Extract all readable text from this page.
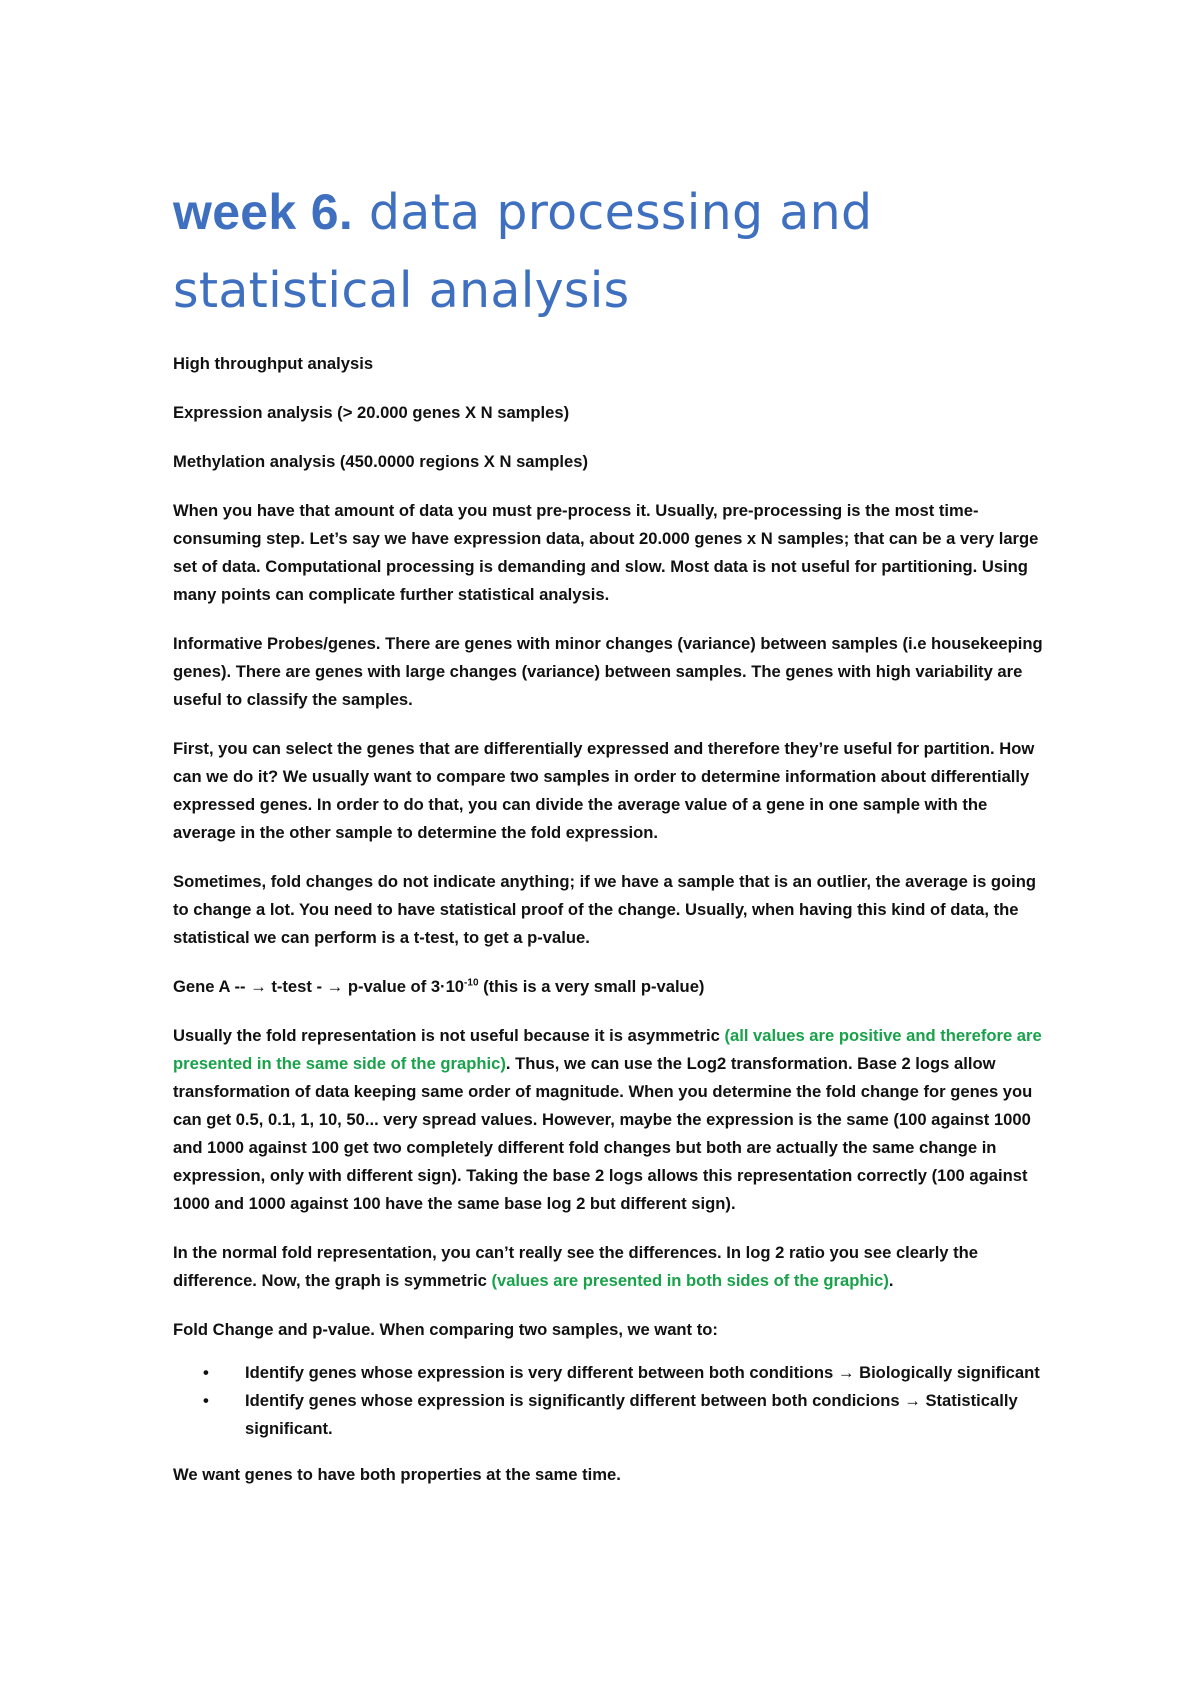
week 6. data processing and statistical analysis

High throughput analysis

Expression analysis (> 20.000 genes X N samples)

Methylation analysis (450.0000 regions X N samples)

When you have that amount of data you must pre-process it. Usually, pre-processing is the most time-consuming step. Let’s say we have expression data, about 20.000 genes x N samples; that can be a very large set of data. Computational processing is demanding and slow. Most data is not useful for partitioning. Using many points can complicate further statistical analysis.

Informative Probes/genes. There are genes with minor changes (variance) between samples (i.e housekeeping genes). There are genes with large changes (variance) between samples. The genes with high variability are useful to classify the samples.

First, you can select the genes that are differentially expressed and therefore they’re useful for partition. How can we do it? We usually want to compare two samples in order to determine information about differentially expressed genes. In order to do that, you can divide the average value of a gene in one sample with the average in the other sample to determine the fold expression.

Sometimes, fold changes do not indicate anything; if we have a sample that is an outlier, the average is going to change a lot. You need to have statistical proof of the change. Usually, when having this kind of data, the statistical we can perform is a t-test, to get a p-value.

Gene A -- → t-test - → p-value of $3\cdot 10^{-10}$ (this is a very small p-value)

Usually the fold representation is not useful because it is asymmetric (all values are positive and therefore are presented in the same side of the graphic). Thus, we can use the Log2 transformation. Base 2 logs allow transformation of data keeping same order of magnitude. When you determine the fold change for genes you can get 0.5, 0.1, 1, 10, 50... very spread values. However, maybe the expression is the same (100 against 1000 and 1000 against 100 get two completely different fold changes but both are actually the same change in expression, only with different sign). Taking the base 2 logs allows this representation correctly (100 against 1000 and 1000 against 100 have the same base log 2 but different sign).

In the normal fold representation, you can’t really see the differences. In log 2 ratio you see clearly the difference. Now, the graph is symmetric (values are presented in both sides of the graphic).

Fold Change and p-value. When comparing two samples, we want to:

• Identify genes whose expression is very different between both conditions → Biologically significant
• Identify genes whose expression is significantly different between both condicions → Statistically significant.

We want genes to have both properties at the same time.
